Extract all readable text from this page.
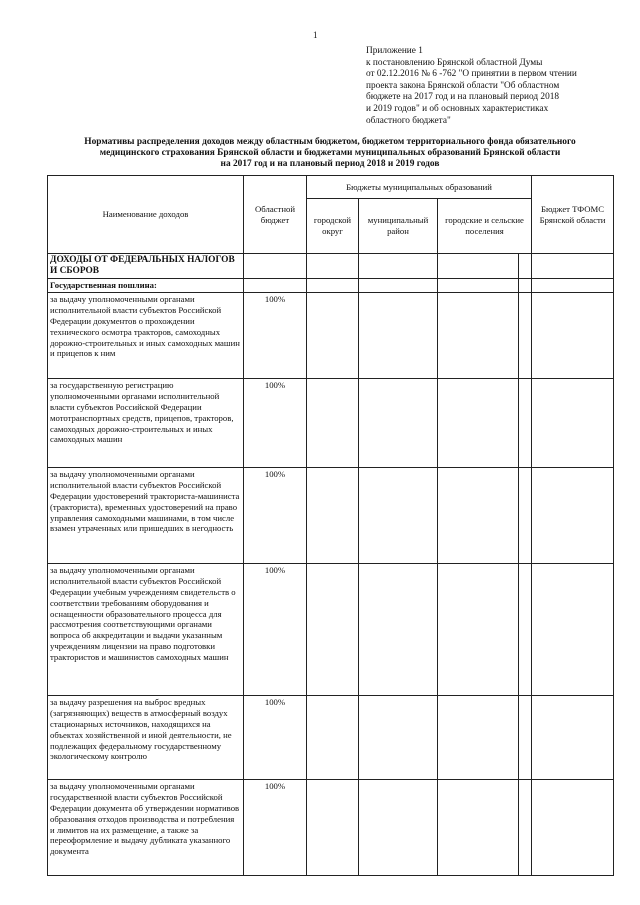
1
Приложение 1
к постановлению Брянской областной Думы
от 02.12.2016 № 6 -762 "О принятии в первом чтении
проекта закона Брянской области "Об областном
бюджете на 2017 год и на плановый период 2018
и 2019 годов" и об основных характеристиках
областного бюджета"
Нормативы распределения доходов между областным бюджетом, бюджетом территориального фонда обязательного
медицинского страхования Брянской области и бюджетами муниципальных образований Брянской области
на 2017 год и на плановый период 2018 и 2019 годов
Наименование доходов	Областной бюджет	Бюджеты муниципальных образований				Бюджет ТФОМС Брянской области
		городской округ	муниципальный район	городские и сельские поселения		
ДОХОДЫ ОТ ФЕДЕРАЛЬНЫХ НАЛОГОВ И СБОРОВ						
Государственная пошлина:						
за выдачу уполномоченными органами исполнительной власти субъектов Российской Федерации документов о прохождении технического осмотра тракторов, самоходных дорожно-строительных и иных самоходных машин и прицепов к ним	100%					
за государственную регистрацию уполномоченными органами исполнительной власти субъектов Российской Федерации мототранспортных средств, прицепов, тракторов, самоходных дорожно-строительных и иных самоходных машин	100%					
за выдачу уполномоченными органами исполнительной власти субъектов Российской Федерации удостоверений тракториста-машиниста (тракториста), временных удостоверений на право управления самоходными машинами, в том числе взамен утраченных или пришедших в негодность	100%					
за выдачу уполномоченными органами исполнительной власти субъектов Российской Федерации учебным учреждениям свидетельств о соответствии требованиям оборудования и оснащенности образовательного процесса для рассмотрения соответствующими органами вопроса об аккредитации и выдачи указанным учреждениям лицензии на право подготовки трактористов и машинистов самоходных машин	100%					
за выдачу разрешения на выброс вредных (загрязняющих) веществ в атмосферный воздух стационарных источников, находящихся на объектах хозяйственной и иной деятельности, не подлежащих федеральному государственному экологическому контролю	100%					
за выдачу уполномоченными органами государственной власти субъектов Российской Федерации документа об утверждении нормативов образования отходов производства и потребления и лимитов на их размещение, а также за переоформление и выдачу дубликата указанного документа	100%					
